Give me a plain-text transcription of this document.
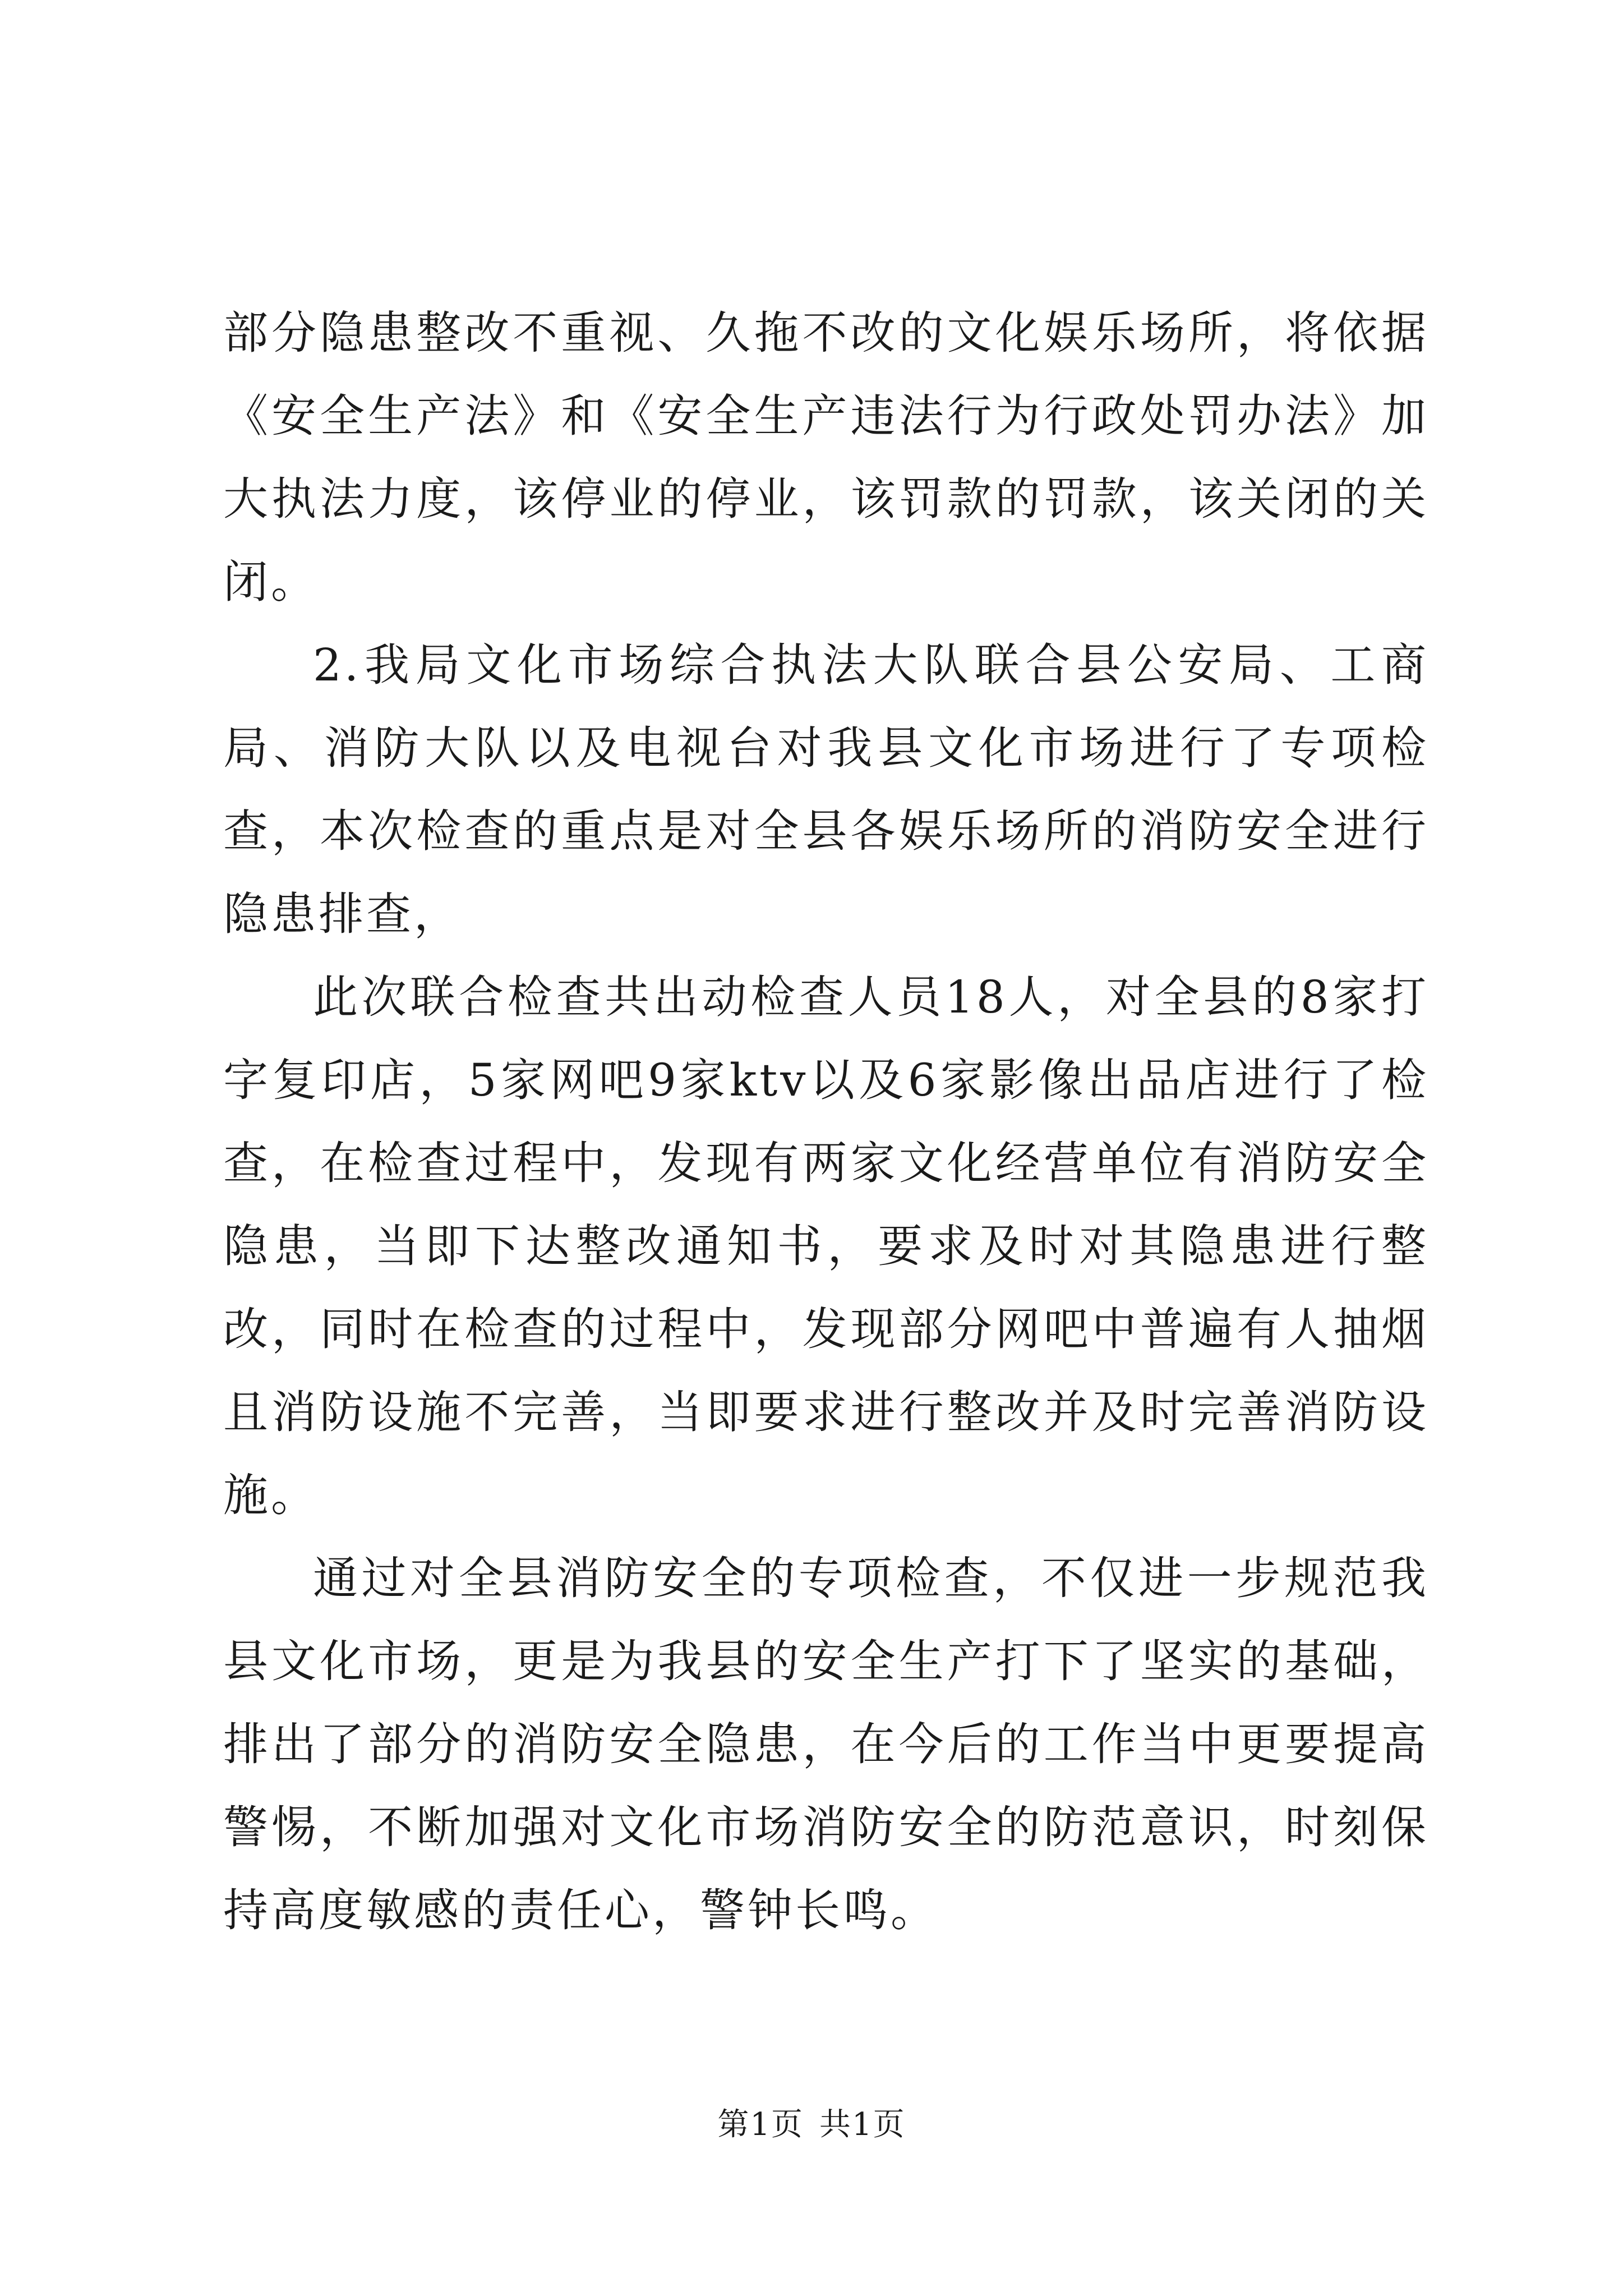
部分隐患整改不重视、久拖不改的文化娱乐场所，将依据《安全生产法》和《安全生产违法行为行政处罚办法》加大执法力度，该停业的停业，该罚款的罚款，该关闭的关闭。

2.我局文化市场综合执法大队联合县公安局、工商局、消防大队以及电视台对我县文化市场进行了专项检查，本次检查的重点是对全县各娱乐场所的消防安全进行隐患排查，

此次联合检查共出动检查人员18人，对全县的8家打字复印店，5家网吧9家ktv以及6家影像出品店进行了检查，在检查过程中，发现有两家文化经营单位有消防安全隐患，当即下达整改通知书，要求及时对其隐患进行整改，同时在检查的过程中，发现部分网吧中普遍有人抽烟且消防设施不完善，当即要求进行整改并及时完善消防设施。

通过对全县消防安全的专项检查，不仅进一步规范我县文化市场，更是为我县的安全生产打下了坚实的基础，排出了部分的消防安全隐患，在今后的工作当中更要提高警惕，不断加强对文化市场消防安全的防范意识，时刻保持高度敏感的责任心，警钟长鸣。

第1页 共1页
